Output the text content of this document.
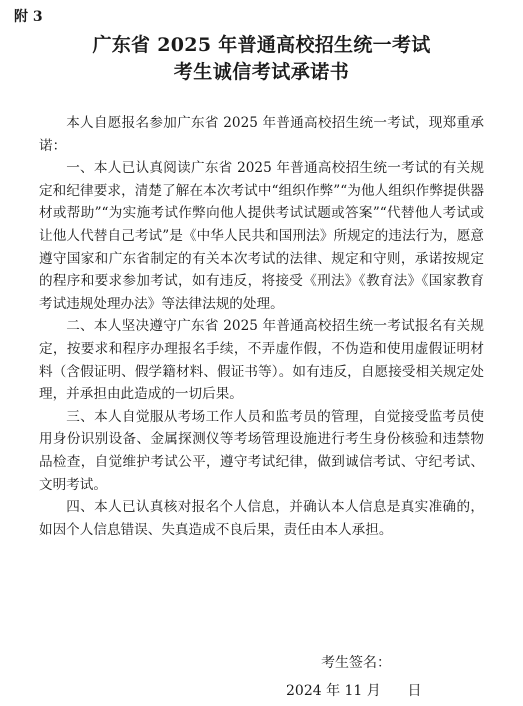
附 3
广东省 2025 年普通高校招生统一考试
考生诚信考试承诺书

本人自愿报名参加广东省 2025 年普通高校招生统一考试，现郑重承诺：

一、本人已认真阅读广东省 2025 年普通高校招生统一考试的有关规定和纪律要求，清楚了解在本次考试中“组织作弊”“为他人组织作弊提供器材或帮助”“为实施考试作弊向他人提供考试试题或答案”“代替他人考试或让他人代替自己考试”是《中华人民共和国刑法》所规定的违法行为，愿意遵守国家和广东省制定的有关本次考试的法律、规定和守则，承诺按规定的程序和要求参加考试，如有违反，将接受《刑法》《教育法》《国家教育考试违规处理办法》等法律法规的处理。

二、本人坚决遵守广东省 2025 年普通高校招生统一考试报名有关规定，按要求和程序办理报名手续，不弄虚作假，不伪造和使用虚假证明材料（含假证明、假学籍材料、假证书等）。如有违反，自愿接受相关规定处理，并承担由此造成的一切后果。

三、本人自觉服从考场工作人员和监考员的管理，自觉接受监考员使用身份识别设备、金属探测仪等考场管理设施进行考生身份核验和违禁物品检查，自觉维护考试公平，遵守考试纪律，做到诚信考试、守纪考试、文明考试。

四、本人已认真核对报名个人信息，并确认本人信息是真实准确的，如因个人信息错误、失真造成不良后果，责任由本人承担。

考生签名：
2024 年 11 月      日
